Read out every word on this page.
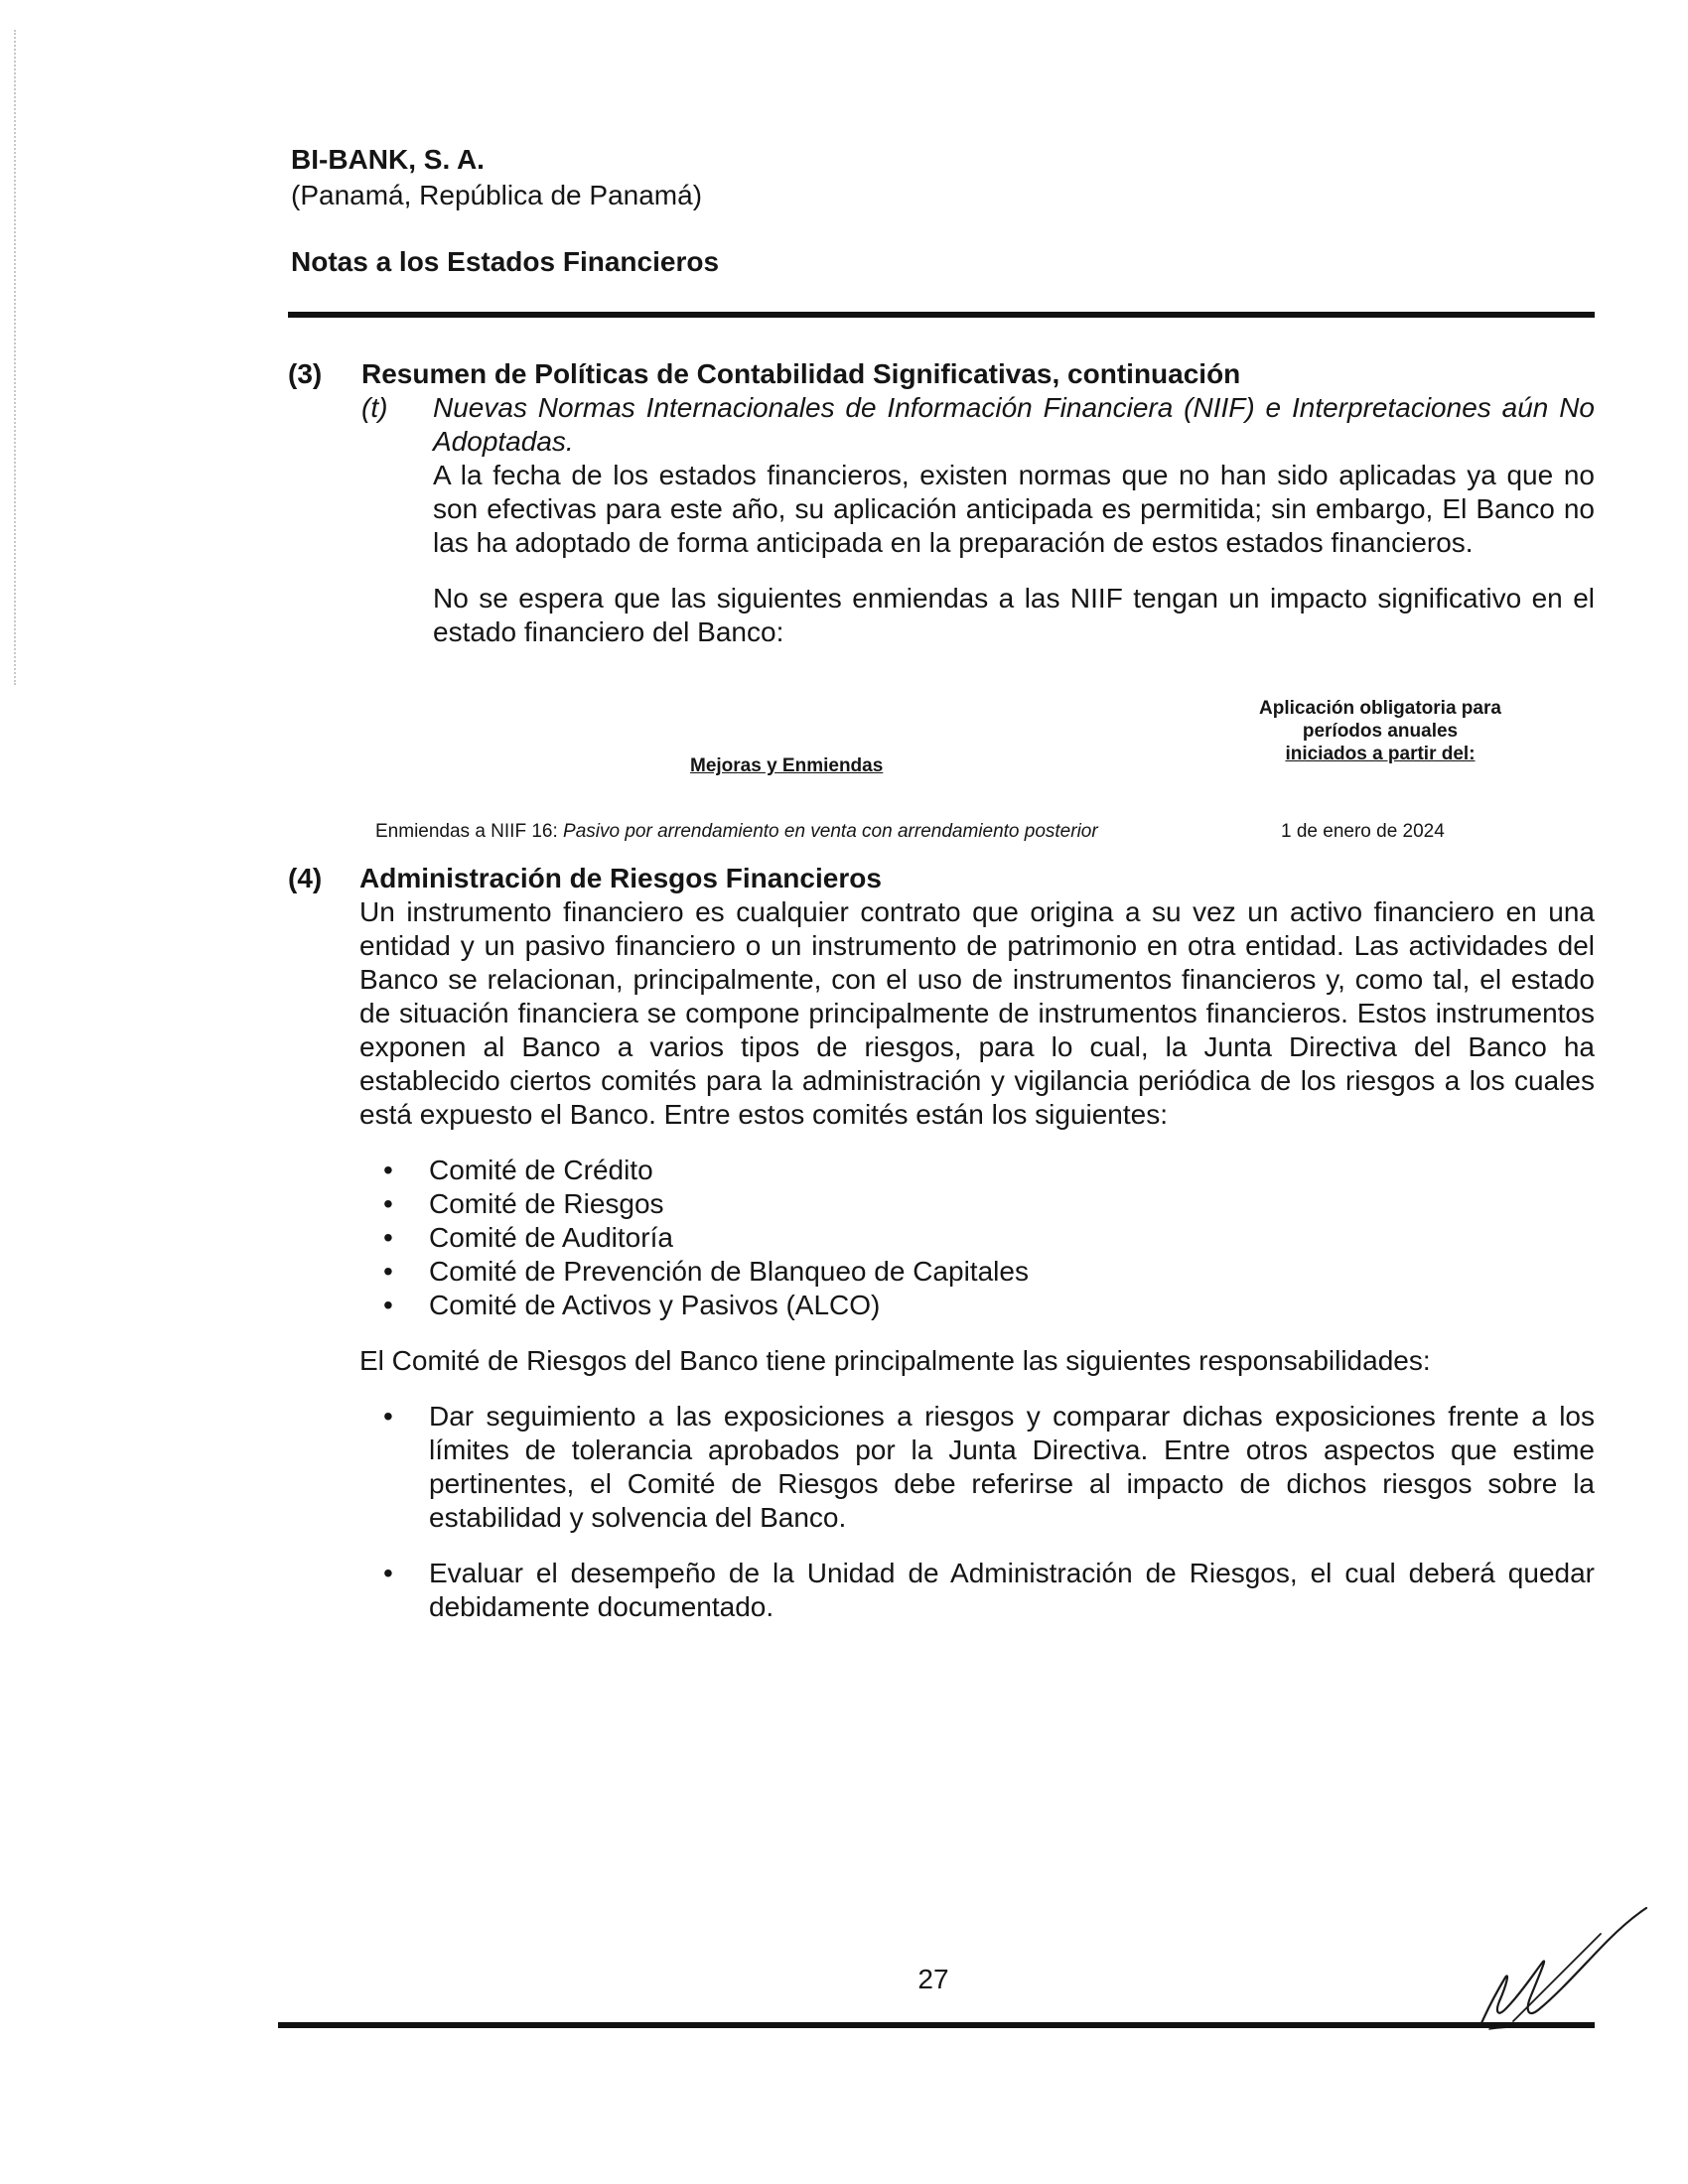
BI-BANK, S. A.
(Panamá, República de Panamá)
Notas a los Estados Financieros
(3)	Resumen de Políticas de Contabilidad Significativas, continuación
(t)	Nuevas Normas Internacionales de Información Financiera (NIIF) e Interpretaciones aún No Adoptadas.

A la fecha de los estados financieros, existen normas que no han sido aplicadas ya que no son efectivas para este año, su aplicación anticipada es permitida; sin embargo, El Banco no las ha adoptado de forma anticipada en la preparación de estos estados financieros.

No se espera que las siguientes enmiendas a las NIIF tengan un impacto significativo en el estado financiero del Banco:

Mejoras y Enmiendas
Aplicación obligatoria para
períodos anuales
iniciados a partir del:
Enmiendas a NIIF 16: Pasivo por arrendamiento en venta con arrendamiento posterior	1 de enero de 2024
(4)	Administración de Riesgos Financieros

Un instrumento financiero es cualquier contrato que origina a su vez un activo financiero en una entidad y un pasivo financiero o un instrumento de patrimonio en otra entidad. Las actividades del Banco se relacionan, principalmente, con el uso de instrumentos financieros y, como tal, el estado de situación financiera se compone principalmente de instrumentos financieros. Estos instrumentos exponen al Banco a varios tipos de riesgos, para lo cual, la Junta Directiva del Banco ha establecido ciertos comités para la administración y vigilancia periódica de los riesgos a los cuales está expuesto el Banco. Entre estos comités están los siguientes:

• Comité de Crédito
• Comité de Riesgos
• Comité de Auditoría
• Comité de Prevención de Blanqueo de Capitales
• Comité de Activos y Pasivos (ALCO)

El Comité de Riesgos del Banco tiene principalmente las siguientes responsabilidades:

• Dar seguimiento a las exposiciones a riesgos y comparar dichas exposiciones frente a los límites de tolerancia aprobados por la Junta Directiva. Entre otros aspectos que estime pertinentes, el Comité de Riesgos debe referirse al impacto de dichos riesgos sobre la estabilidad y solvencia del Banco.

• Evaluar el desempeño de la Unidad de Administración de Riesgos, el cual deberá quedar debidamente documentado.

27
